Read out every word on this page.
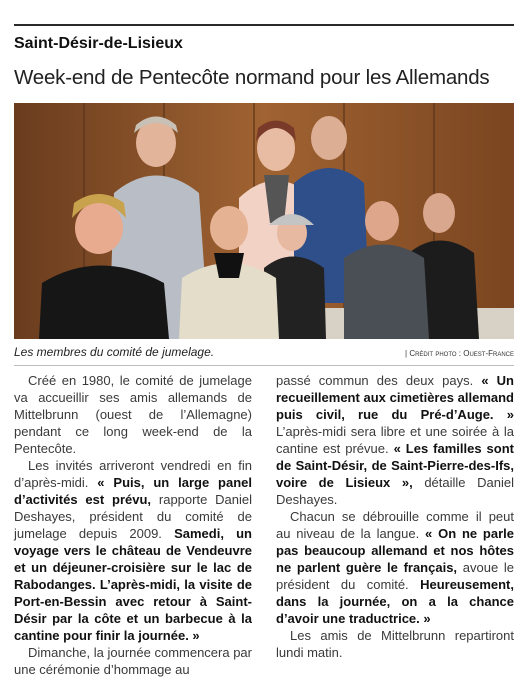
Saint-Désir-de-Lisieux
Week-end de Pentecôte normand pour les Allemands
Les membres du comité de jumelage.	| Crédit photo : Ouest-France

Créé en 1980, le comité de jumelage va accueillir ses amis allemands de Mittelbrunn (ouest de l’Allemagne) pendant ce long week-end de la Pentecôte.

Les invités arriveront vendredi en fin d’après-midi. « Puis, un large panel d’activités est prévu, rapporte Daniel Deshayes, président du comité de jumelage depuis 2009. Samedi, un voyage vers le château de Vendeuvre et un déjeuner-croisière sur le lac de Rabodanges. L’après-midi, la visite de Port-en-Bessin avec retour à Saint-Désir par la côte et un barbecue à la cantine pour finir la journée. »

Dimanche, la journée commencera par une cérémonie d’hommage au

passé commun des deux pays. « Un recueillement aux cimetières allemand puis civil, rue du Pré-d’Auge. » L’après-midi sera libre et une soirée à la cantine est prévue. « Les familles sont de Saint-Désir, de Saint-Pierre-des-Ifs, voire de Lisieux », détaille Daniel Deshayes.

Chacun se débrouille comme il peut au niveau de la langue. « On ne parle pas beaucoup allemand et nos hôtes ne parlent guère le français, avoue le président du comité. Heureusement, dans la journée, on a la chance d’avoir une traductrice. »

Les amis de Mittelbrunn repartiront lundi matin.
